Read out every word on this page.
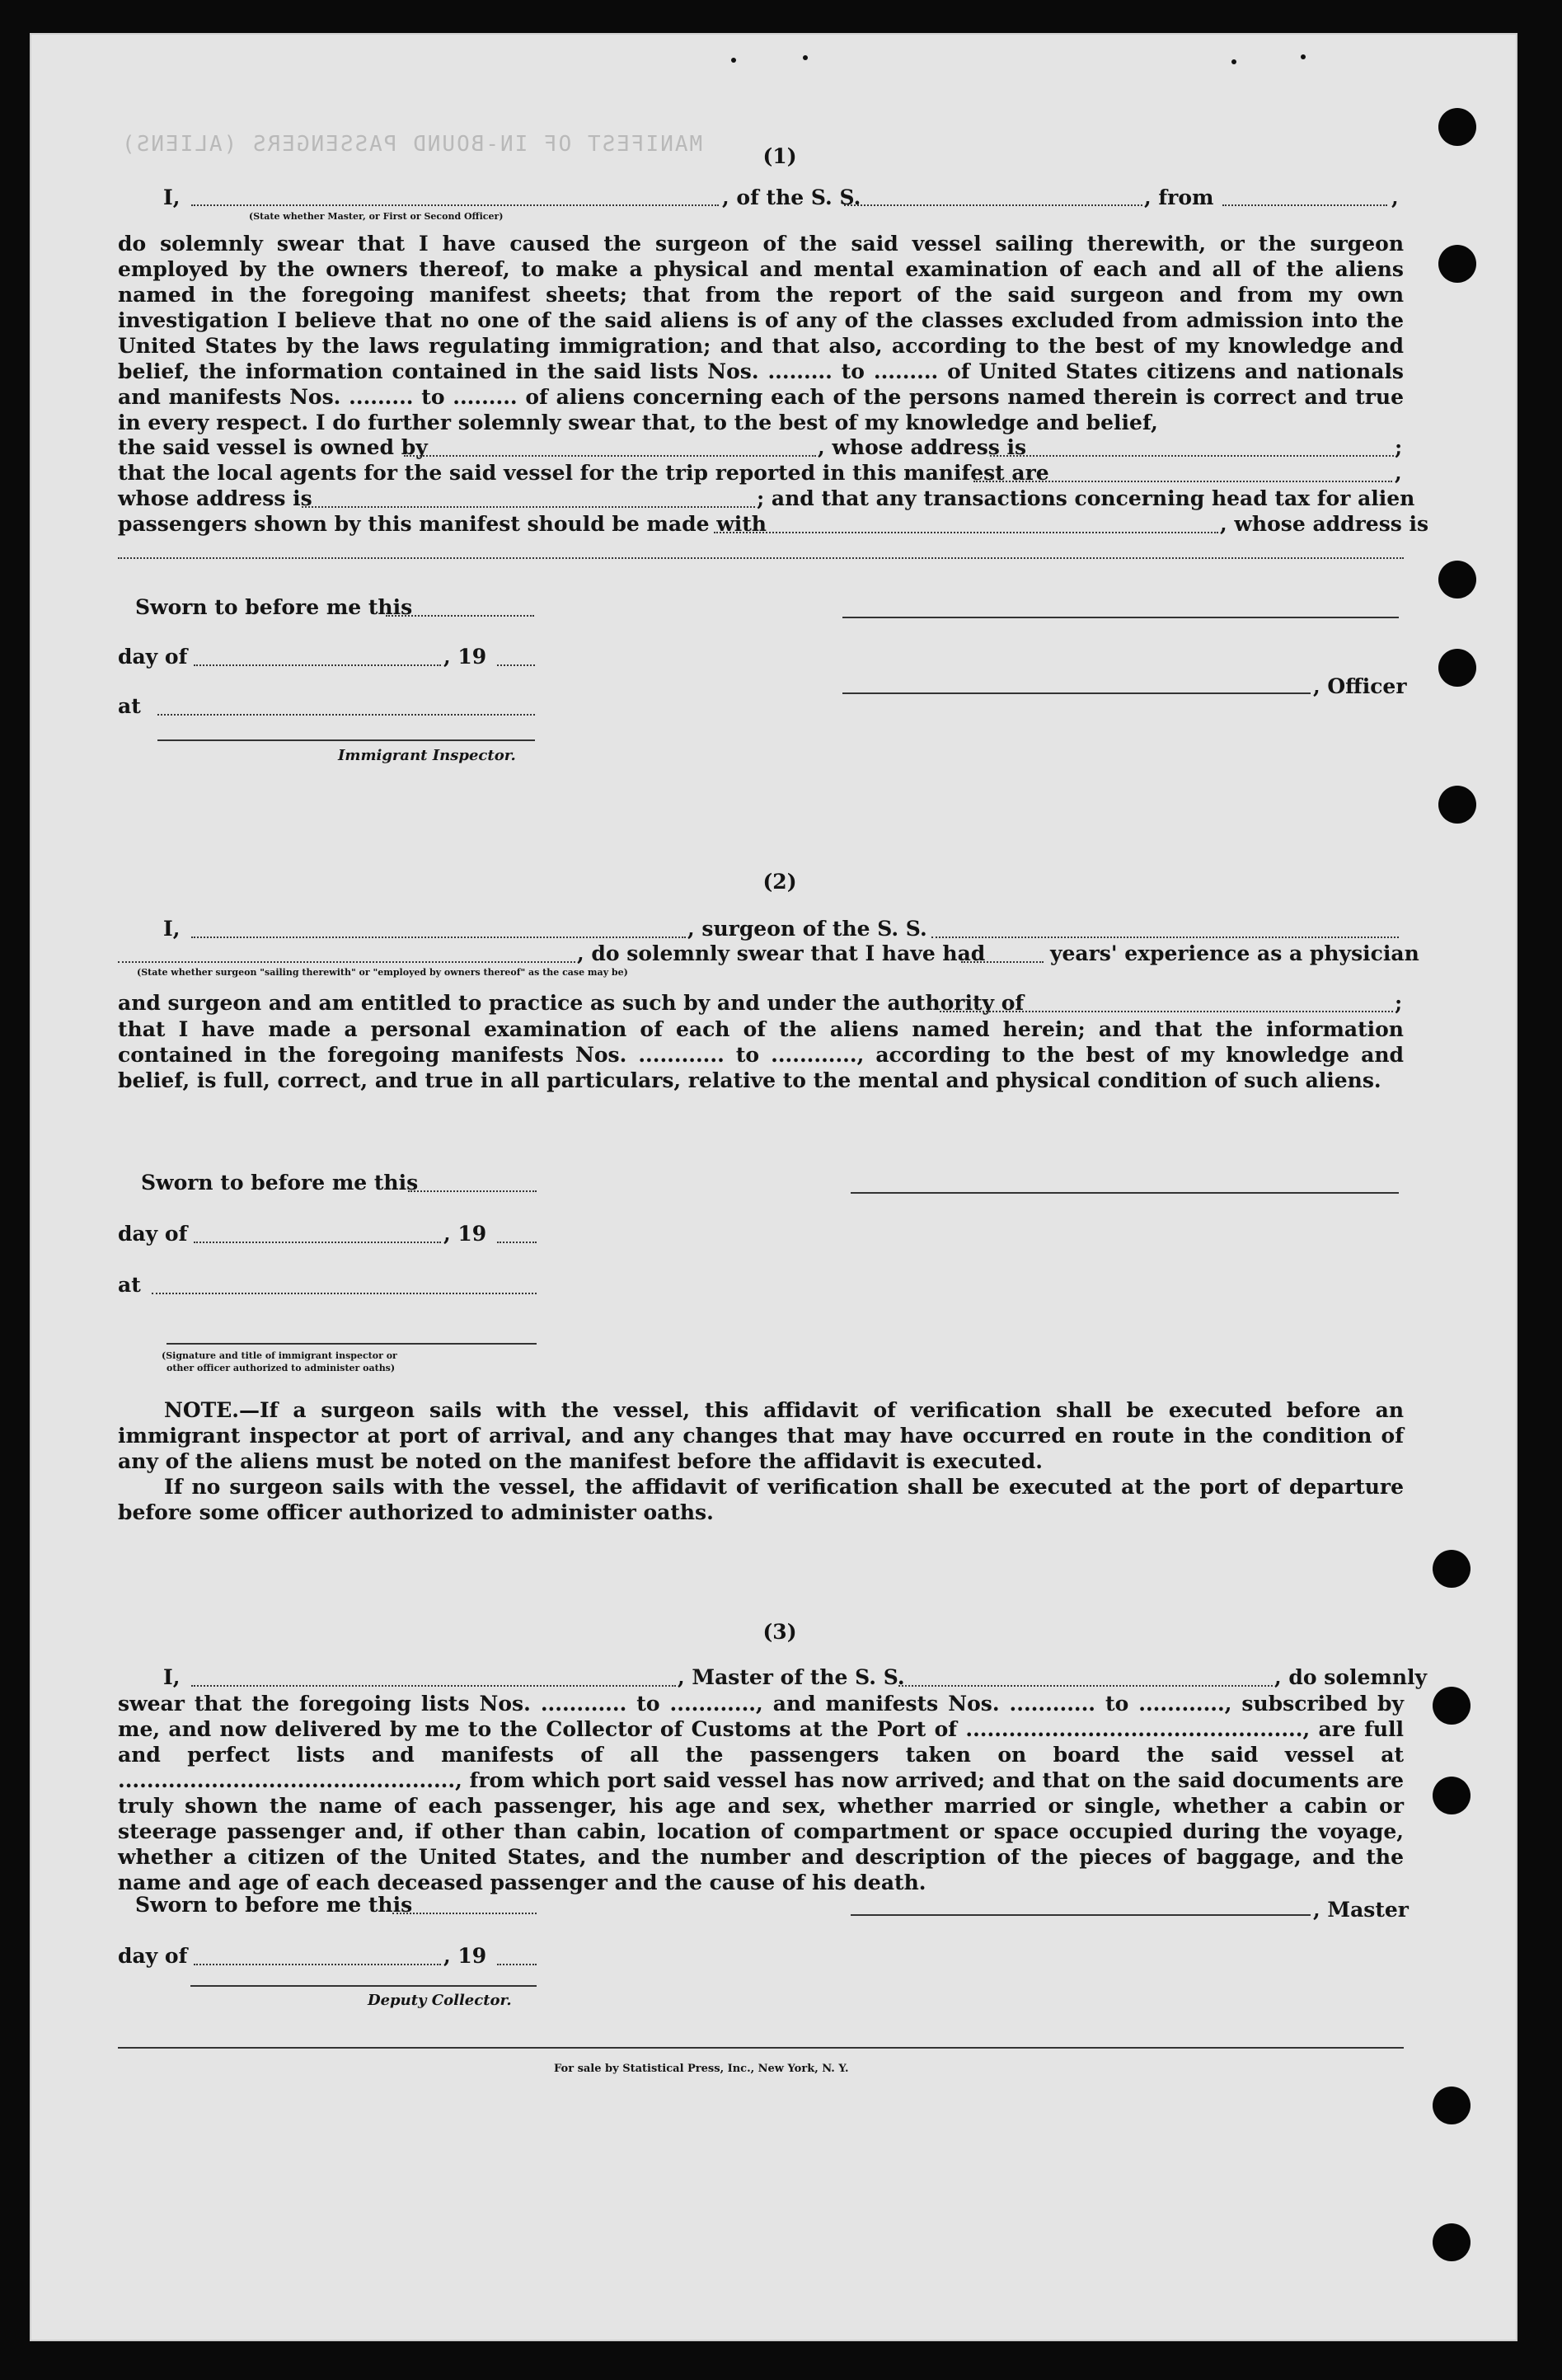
MANIFEST OF IN-BOUND PASSENGERS (ALIENS)	(1)
I,	, of the S. S.	, from	,
(State whether Master, or First or Second Officer)
do solemnly swear that I have caused the surgeon of the said vessel sailing therewith, or the surgeon employed by the owners thereof, to make a physical and mental examination of each and all of the aliens named in the foregoing manifest sheets; that from the report of the said surgeon and from my own investigation I believe that no one of the said aliens is of any of the classes excluded from admission into the United States by the laws regulating immigration; and that also, according to the best of my knowledge and belief, the information contained in the said lists Nos. ......... to ......... of United States citizens and nationals and manifests Nos. ......... to ......... of aliens concerning each of the persons named therein is correct and true in every respect. I do further solemnly swear that, to the best of my knowledge and belief,
the said vessel is owned by	, whose address is	;
that the local agents for the said vessel for the trip reported in this manifest are	,
whose address is	; and that any transactions concerning head tax for alien
passengers shown by this manifest should be made with	, whose address is
Sworn to before me this
day of	, 19
, Officer
at
Immigrant Inspector.
(2)
I,	, surgeon of the S. S.
, do solemnly swear that I have had	years' experience as a physician
(State whether surgeon "sailing therewith" or "employed by owners thereof" as the case may be)
and surgeon and am entitled to practice as such by and under the authority of	;
that I have made a personal examination of each of the aliens named herein; and that the information contained in the foregoing manifests Nos. ............ to ............, according to the best of my knowledge and belief, is full, correct, and true in all particulars, relative to the mental and physical condition of such aliens.
Sworn to before me this
day of	, 19
at
(Signature and title of immigrant inspector or
other officer authorized to administer oaths)
NOTE.—If a surgeon sails with the vessel, this affidavit of verification shall be executed before an immigrant inspector at port of arrival, and any changes that may have occurred en route in the condition of any of the aliens must be noted on the manifest before the affidavit is executed.
If no surgeon sails with the vessel, the affidavit of verification shall be executed at the port of departure before some officer authorized to administer oaths.
(3)
I,	, Master of the S. S.	, do solemnly
swear that the foregoing lists Nos. ............ to ............, and manifests Nos. ............ to ............, subscribed by me, and now delivered by me to the Collector of Customs at the Port of ..............................................., are full and perfect lists and manifests of all the passengers taken on board the said vessel at ..............................................., from which port said vessel has now arrived; and that on the said documents are truly shown the name of each passenger, his age and sex, whether married or single, whether a cabin or steerage passenger and, if other than cabin, location of compartment or space occupied during the voyage, whether a citizen of the United States, and the number and description of the pieces of baggage, and the name and age of each deceased passenger and the cause of his death.
Sworn to before me this	, Master
day of	, 19
Deputy Collector.
For sale by Statistical Press, Inc., New York, N. Y.
